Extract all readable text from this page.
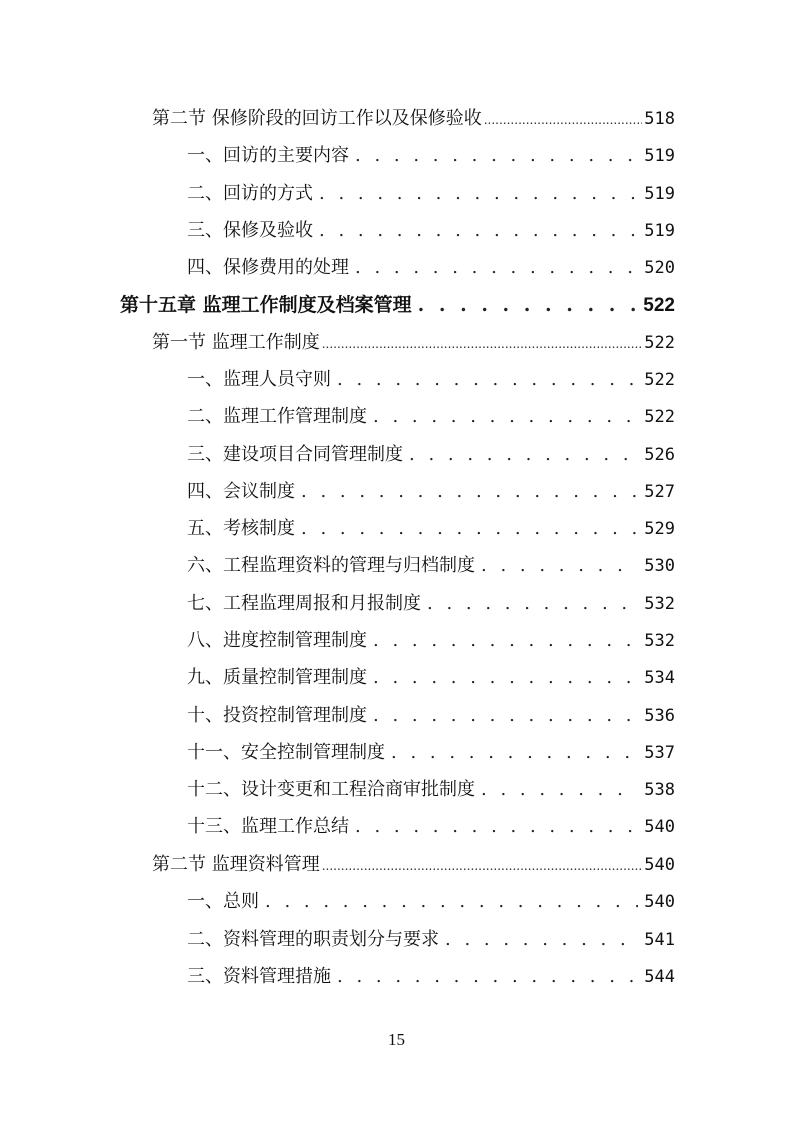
第二节 保修阶段的回访工作以及保修验收 .....	518
一、回访的主要内容 . . .	519
二、回访的方式 . . .	519
三、保修及验收 . . .	519
四、保修费用的处理 . . .	520
第十五章 监理工作制度及档案管理 . . .	522
第一节 监理工作制度 .....	522
一、监理人员守则 . . .	522
二、监理工作管理制度 . . .	522
三、建设项目合同管理制度 . . .	526
四、会议制度 . . .	527
五、考核制度 . . .	529
六、工程监理资料的管理与归档制度 . . .	530
七、工程监理周报和月报制度 . . .	532
八、进度控制管理制度 . . .	532
九、质量控制管理制度 . . .	534
十、投资控制管理制度 . . .	536
十一、安全控制管理制度 . . .	537
十二、设计变更和工程洽商审批制度 . . .	538
十三、监理工作总结 . . .	540
第二节 监理资料管理 .....	540
一、总则 . . .	540
二、资料管理的职责划分与要求 . . .	541
三、资料管理措施 . . .	544
15
